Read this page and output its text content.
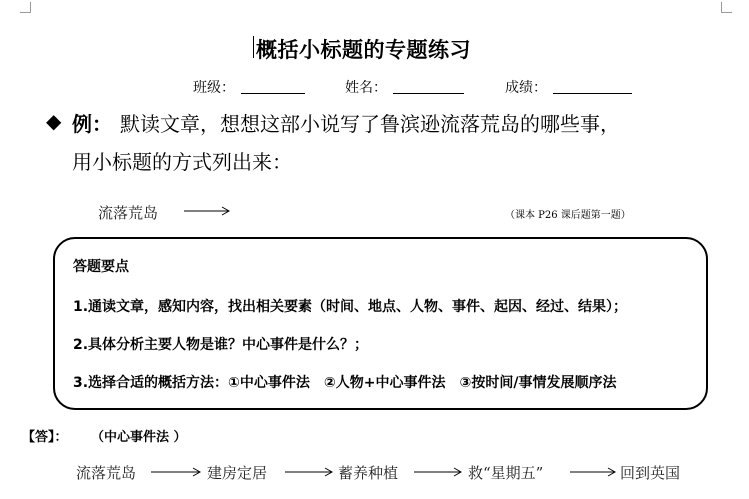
概括小标题的专题练习
班级：	姓名：	成绩：
◆ 例： 默读文章，想想这部小说写了鲁滨逊流落荒岛的哪些事，
用小标题的方式列出来：
流落荒岛	（课本 P26 课后题第一题）
答题要点
1.通读文章，感知内容，找出相关要素（时间、地点、人物、事件、起因、经过、结果）；
2.具体分析主要人物是谁？中心事件是什么？；
3.选择合适的概括方法：①中心事件法　②人物+中心事件法　③按时间/事情发展顺序法
【答】： （中心事件法 ）
流落荒岛	建房定居	蓄养种植	救“星期五”	回到英国
